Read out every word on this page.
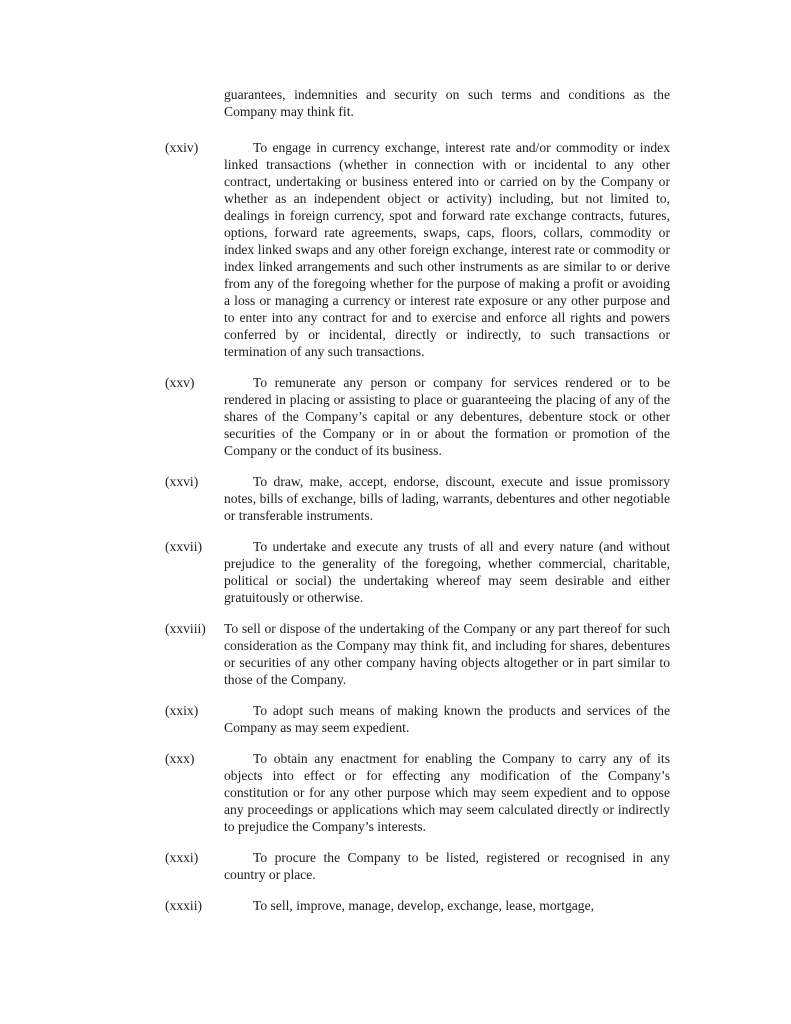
guarantees, indemnities and security on such terms and conditions as the Company may think fit.

(xxiv)	To engage in currency exchange, interest rate and/or commodity or index linked transactions (whether in connection with or incidental to any other contract, undertaking or business entered into or carried on by the Company or whether as an independent object or activity) including, but not limited to, dealings in foreign currency, spot and forward rate exchange contracts, futures, options, forward rate agreements, swaps, caps, floors, collars, commodity or index linked swaps and any other foreign exchange, interest rate or commodity or index linked arrangements and such other instruments as are similar to or derive from any of the foregoing whether for the purpose of making a profit or avoiding a loss or managing a currency or interest rate exposure or any other purpose and to enter into any contract for and to exercise and enforce all rights and powers conferred by or incidental, directly or indirectly, to such transactions or termination of any such transactions.

(xxv)	To remunerate any person or company for services rendered or to be rendered in placing or assisting to place or guaranteeing the placing of any of the shares of the Company’s capital or any debentures, debenture stock or other securities of the Company or in or about the formation or promotion of the Company or the conduct of its business.

(xxvi)	To draw, make, accept, endorse, discount, execute and issue promissory notes, bills of exchange, bills of lading, warrants, debentures and other negotiable or transferable instruments.

(xxvii)	To undertake and execute any trusts of all and every nature (and without prejudice to the generality of the foregoing, whether commercial, charitable, political or social) the undertaking whereof may seem desirable and either gratuitously or otherwise.

(xxviii)	To sell or dispose of the undertaking of the Company or any part thereof for such consideration as the Company may think fit, and including for shares, debentures or securities of any other company having objects altogether or in part similar to those of the Company.

(xxix)	To adopt such means of making known the products and services of the Company as may seem expedient.

(xxx)	To obtain any enactment for enabling the Company to carry any of its objects into effect or for effecting any modification of the Company’s constitution or for any other purpose which may seem expedient and to oppose any proceedings or applications which may seem calculated directly or indirectly to prejudice the Company’s interests.

(xxxi)	To procure the Company to be listed, registered or recognised in any country or place.

(xxxii)	To sell, improve, manage, develop, exchange, lease, mortgage,
